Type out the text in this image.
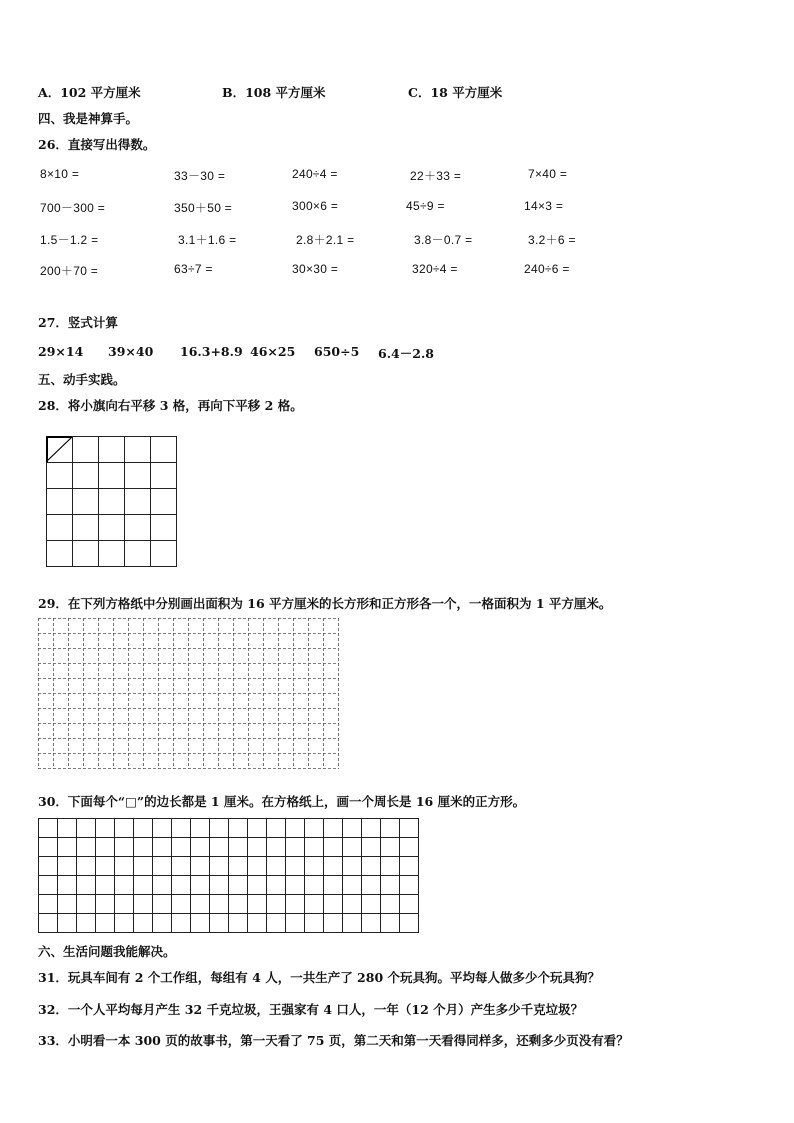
A．102 平方厘米	B．108 平方厘米	C．18 平方厘米
四、我是神算手。
26．直接写出得数。
8×10 =	33－30 =	240÷4 =	22＋33 =	7×40 =
700－300 =	350＋50 =	300×6 =	45÷9 =	14×3 =
1.5－1.2 =	3.1＋1.6 =	2.8＋2.1 =	3.8－0.7 =	3.2＋6 =
200＋70 =	63÷7 =	30×30 =	320÷4 =	240÷6 =
27．竖式计算
29×14 39×40 16.3+8.9 46×25 650÷5 6.4－2.8
五、动手实践。
28．将小旗向右平移 3 格，再向下平移 2 格。
29．在下列方格纸中分别画出面积为 16 平方厘米的长方形和正方形各一个，一格面积为 1 平方厘米。
30．下面每个“□”的边长都是 1 厘米。在方格纸上，画一个周长是 16 厘米的正方形。
六、生活问题我能解决。
31．玩具车间有 2 个工作组，每组有 4 人，一共生产了 280 个玩具狗。平均每人做多少个玩具狗？
32．一个人平均每月产生 32 千克垃圾，王强家有 4 口人，一年（12 个月）产生多少千克垃圾？
33．小明看一本 300 页的故事书，第一天看了 75 页，第二天和第一天看得同样多，还剩多少页没有看？
